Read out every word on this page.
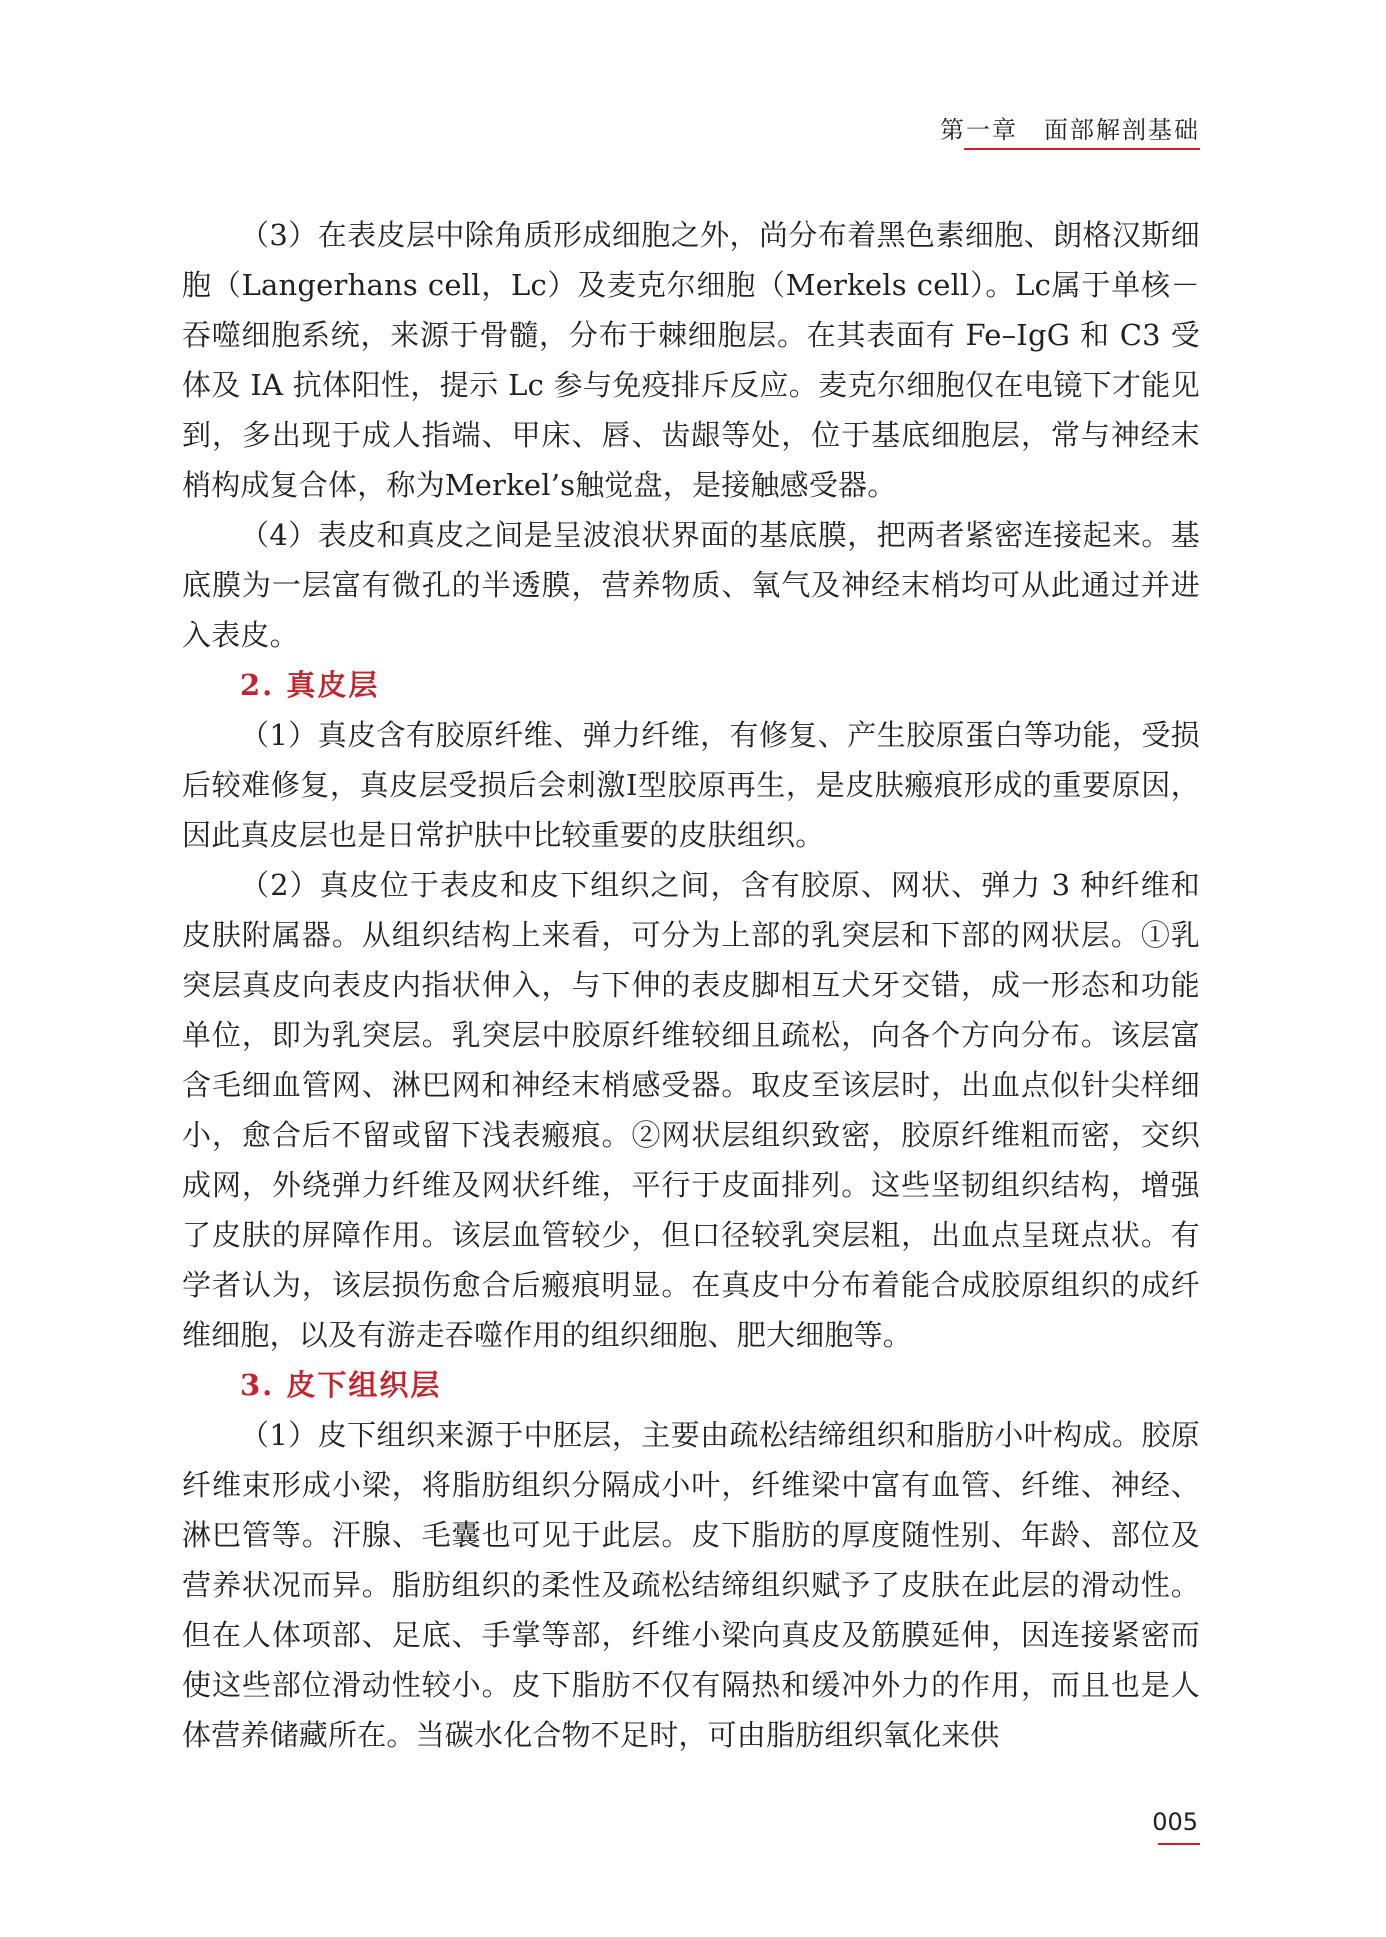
第一章 面部解剖基础

（3）在表皮层中除角质形成细胞之外，尚分布着黑色素细胞、朗格汉斯细胞（Langerhans cell，Lc）及麦克尔细胞（Merkels cell）。Lc属于单核－吞噬细胞系统，来源于骨髓，分布于棘细胞层。在其表面有 Fe–IgG 和 C3 受体及 IA 抗体阳性，提示 Lc 参与免疫排斥反应。麦克尔细胞仅在电镜下才能见到，多出现于成人指端、甲床、唇、齿龈等处，位于基底细胞层，常与神经末梢构成复合体，称为Merkel’s触觉盘，是接触感受器。

（4）表皮和真皮之间是呈波浪状界面的基底膜，把两者紧密连接起来。基底膜为一层富有微孔的半透膜，营养物质、氧气及神经末梢均可从此通过并进入表皮。

2. 真皮层

（1）真皮含有胶原纤维、弹力纤维，有修复、产生胶原蛋白等功能，受损后较难修复，真皮层受损后会刺激Ⅰ型胶原再生，是皮肤瘢痕形成的重要原因，因此真皮层也是日常护肤中比较重要的皮肤组织。

（2）真皮位于表皮和皮下组织之间，含有胶原、网状、弹力 3 种纤维和皮肤附属器。从组织结构上来看，可分为上部的乳突层和下部的网状层。①乳突层真皮向表皮内指状伸入，与下伸的表皮脚相互犬牙交错，成一形态和功能单位，即为乳突层。乳突层中胶原纤维较细且疏松，向各个方向分布。该层富含毛细血管网、淋巴网和神经末梢感受器。取皮至该层时，出血点似针尖样细小，愈合后不留或留下浅表瘢痕。②网状层组织致密，胶原纤维粗而密，交织成网，外绕弹力纤维及网状纤维，平行于皮面排列。这些坚韧组织结构，增强了皮肤的屏障作用。该层血管较少，但口径较乳突层粗，出血点呈斑点状。有学者认为，该层损伤愈合后瘢痕明显。在真皮中分布着能合成胶原组织的成纤维细胞，以及有游走吞噬作用的组织细胞、肥大细胞等。

3. 皮下组织层

（1）皮下组织来源于中胚层，主要由疏松结缔组织和脂肪小叶构成。胶原纤维束形成小梁，将脂肪组织分隔成小叶，纤维梁中富有血管、纤维、神经、淋巴管等。汗腺、毛囊也可见于此层。皮下脂肪的厚度随性别、年龄、部位及营养状况而异。脂肪组织的柔性及疏松结缔组织赋予了皮肤在此层的滑动性。但在人体项部、足底、手掌等部，纤维小梁向真皮及筋膜延伸，因连接紧密而使这些部位滑动性较小。皮下脂肪不仅有隔热和缓冲外力的作用，而且也是人体营养储藏所在。当碳水化合物不足时，可由脂肪组织氧化来供

005
